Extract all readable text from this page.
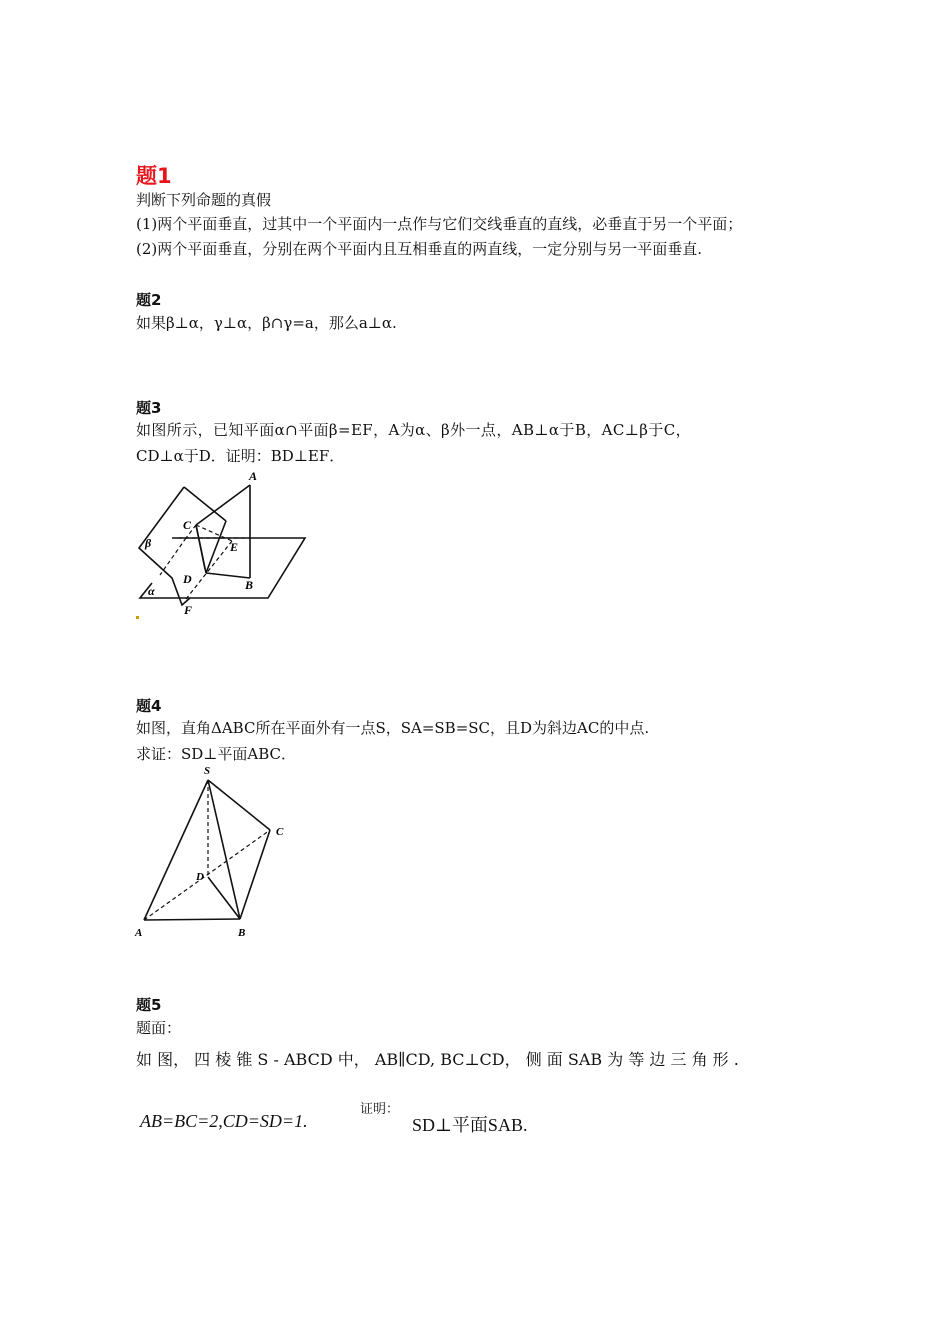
题1
判断下列命题的真假
(1)两个平面垂直，过其中一个平面内一点作与它们交线垂直的直线，必垂直于另一个平面；
(2)两个平面垂直，分别在两个平面内且互相垂直的两直线，一定分别与另一平面垂直.
题2
如果β⊥α，γ⊥α，β∩γ=a，那么a⊥α.
题3
如图所示，已知平面α∩平面β=EF，A为α、β外一点，AB⊥α于B，AC⊥β于C，
CD⊥α于D．证明：BD⊥EF．
A
B
C
D
E
F
α
β
题4
如图，直角ΔABC所在平面外有一点S，SA=SB=SC，且D为斜边AC的中点.
求证：SD⊥平面ABC．
S
A	B
C
D
题5
题面：
如 图， 四 棱 锥 S - ABCD 中， AB∥CD, BC⊥CD， 侧 面 SAB 为 等 边 三 角 形 .
AB=BC=2,CD=SD=1.
证明：
SD⊥平面SAB.
